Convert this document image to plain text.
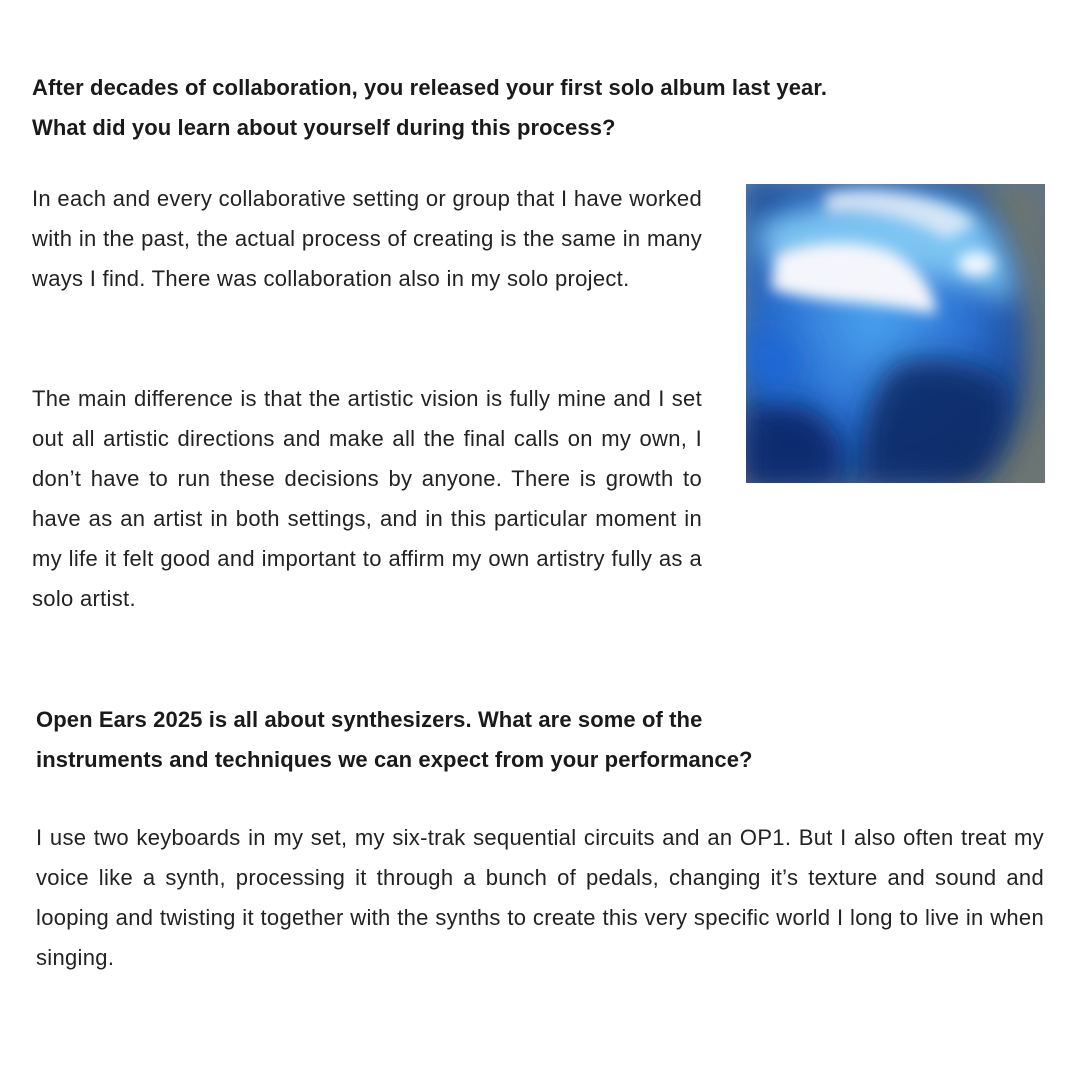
After decades of collaboration, you released your first solo album last year.
What did you learn about yourself during this process?

In each and every collaborative setting or group that I have worked with in the past, the actual process of creating is the same in many ways I find. There was collaboration also in my solo project.

The main difference is that the artistic vision is fully mine and I set out all artistic directions and make all the final calls on my own, I don’t have to run these decisions by anyone. There is growth to have as an artist in both settings, and in this particular moment in my life it felt good and important to affirm my own artistry fully as a solo artist.

Open Ears 2025 is all about synthesizers. What are some of the
instruments and techniques we can expect from your performance?

I use two keyboards in my set, my six-trak sequential circuits and an OP1. But I also often treat my voice like a synth, processing it through a bunch of pedals, changing it’s texture and sound and looping and twisting it together with the synths to create this very specific world I long to live in when singing.
